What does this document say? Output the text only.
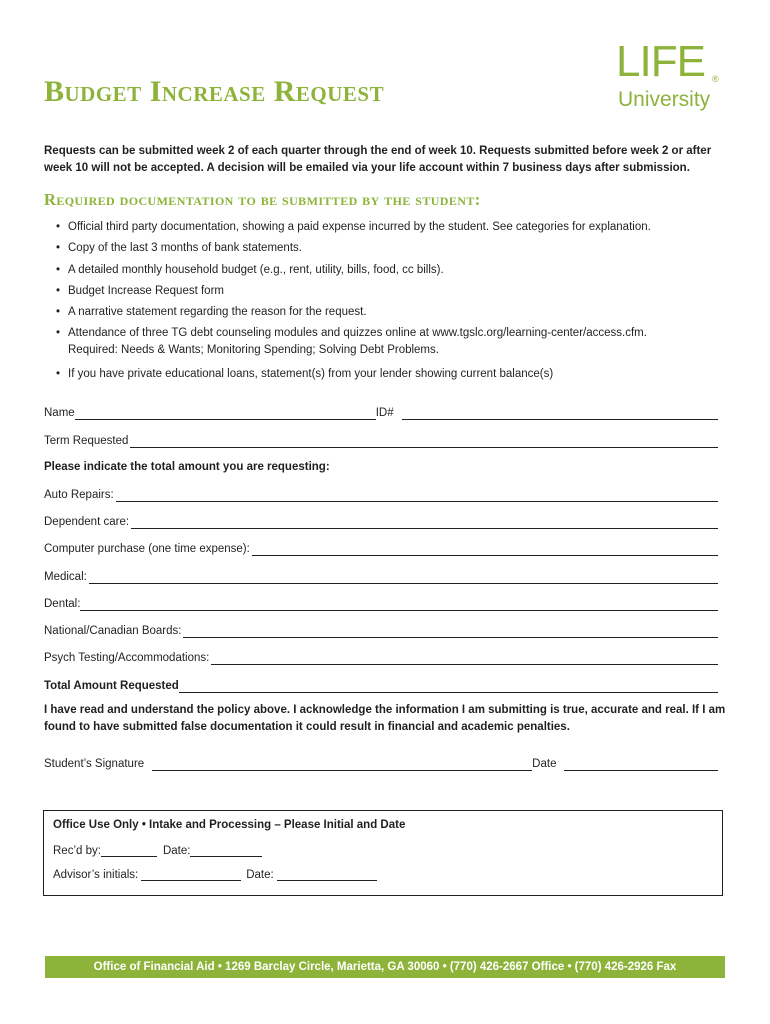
Budget Increase Request
LIFE ®
University

Requests can be submitted week 2 of each quarter through the end of week 10. Requests submitted before week 2 or after week 10 will not be accepted. A decision will be emailed via your life account within 7 business days after submission.

Required documentation to be submitted by the student:
• Official third party documentation, showing a paid expense incurred by the student. See categories for explanation.
• Copy of the last 3 months of bank statements.
• A detailed monthly household budget (e.g., rent, utility, bills, food, cc bills).
• Budget Increase Request form
• A narrative statement regarding the reason for the request.
• Attendance of three TG debt counseling modules and quizzes online at www.tgslc.org/learning-center/access.cfm.
Required: Needs & Wants; Monitoring Spending; Solving Debt Problems.
• If you have private educational loans, statement(s) from your lender showing current balance(s)
Name	ID#
Term Requested
Please indicate the total amount you are requesting:
Auto Repairs:
Dependent care:
Computer purchase (one time expense):
Medical:
Dental:
National/Canadian Boards:
Psych Testing/Accommodations:
Total Amount Requested

I have read and understand the policy above. I acknowledge the information I am submitting is true, accurate and real. If I am found to have submitted false documentation it could result in financial and academic penalties.

Student’s Signature	Date
Office Use Only • Intake and Processing – Please Initial and Date
Rec’d by:	Date:
Advisor’s initials:	Date:
Office of Financial Aid • 1269 Barclay Circle, Marietta, GA 30060 • (770) 426-2667 Office • (770) 426-2926 Fax
